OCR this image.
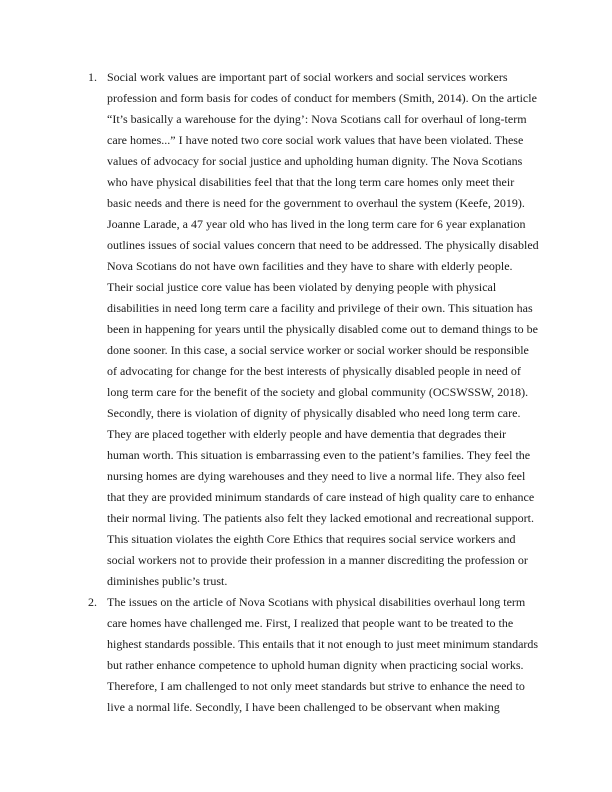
1. Social work values are important part of social workers and social services workers
profession and form basis for codes of conduct for members (Smith, 2014). On the article
“It’s basically a warehouse for the dying’: Nova Scotians call for overhaul of long-term
care homes...” I have noted two core social work values that have been violated. These
values of advocacy for social justice and upholding human dignity. The Nova Scotians
who have physical disabilities feel that that the long term care homes only meet their
basic needs and there is need for the government to overhaul the system (Keefe, 2019).
Joanne Larade, a 47 year old who has lived in the long term care for 6 year explanation
outlines issues of social values concern that need to be addressed. The physically disabled
Nova Scotians do not have own facilities and they have to share with elderly people.
Their social justice core value has been violated by denying people with physical
disabilities in need long term care a facility and privilege of their own. This situation has
been in happening for years until the physically disabled come out to demand things to be
done sooner. In this case, a social service worker or social worker should be responsible
of advocating for change for the best interests of physically disabled people in need of
long term care for the benefit of the society and global community (OCSWSSW, 2018).
Secondly, there is violation of dignity of physically disabled who need long term care.
They are placed together with elderly people and have dementia that degrades their
human worth. This situation is embarrassing even to the patient’s families. They feel the
nursing homes are dying warehouses and they need to live a normal life. They also feel
that they are provided minimum standards of care instead of high quality care to enhance
their normal living. The patients also felt they lacked emotional and recreational support.
This situation violates the eighth Core Ethics that requires social service workers and
social workers not to provide their profession in a manner discrediting the profession or
diminishes public’s trust.
2. The issues on the article of Nova Scotians with physical disabilities overhaul long term
care homes have challenged me. First, I realized that people want to be treated to the
highest standards possible. This entails that it not enough to just meet minimum standards
but rather enhance competence to uphold human dignity when practicing social works.
Therefore, I am challenged to not only meet standards but strive to enhance the need to
live a normal life. Secondly, I have been challenged to be observant when making
